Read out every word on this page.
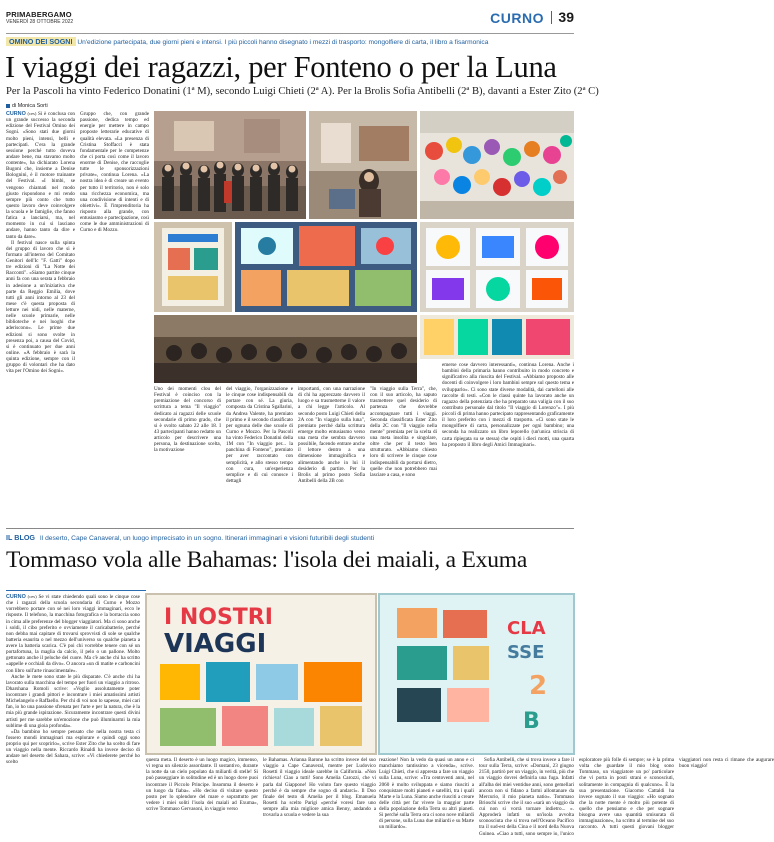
PRIMABERGAMO
VENERDÌ 28 OTTOBRE 2022	CURNO 39
OMINO DEI SOGNI Un'edizione partecipata, due giorni pieni e intensi. I più piccoli hanno disegnato i mezzi di trasporto: mongolfiere di carta, il libro a fisarmonica
I viaggi dei ragazzi, per Fonteno o per la Luna
Per la Pascoli ha vinto Federico Donatini (1ª M), secondo Luigi Chieti (2ª A). Per la Brolis Sofia Antibelli (2ª B), davanti a Ester Zito (2ª C)
di Monica Sorti

CURNO (ces) Si è conclusa con un grande successo la seconda edizione del Festival Omino dei Sogni. «Sono stati due giorni molto pieni, intensi, belli e partecipati. C'era la grande sessione perché tutto doveva andare bene, ma stavamo molto contente», ha dichiarato Lorena Bugoni che, insieme a Denise Bolognini, è il motore trainante del Festival. «I bimbi, se vengono chiamati nel modo giusto rispondono e mi rendo sempre più conto che tutto questo lavoro deve coinvolgere la scuola e le famiglie, che fanno fatica a lanciarsi, ma, nel momento in cui si lasciano andare, hanno tanto da dire e tanto da dare».

Il festival nasce sulla spinta del gruppo di lavoro che si è formato all'interno del Comitato Genitori dell'Ic "F. Gatti" dopo tre edizioni di "La Notte dei Racconti". «Siamo partite cinque anni fa con una serata a febbraio in adesione a un'iniziativa che parte da Reggio Emilia, dove tutti gli anni intorno al 23 del mese c'è questa proposta di letture nei nidi, nelle materne, nelle scuole primarie, nelle biblioteche e nei luoghi che aderiscono». Le prime due edizioni si sono svolte in presenza poi, a causa del Covid, si è continuato per due anni online. «A febbraio è sarà la quinta edizione, sempre con il gruppo di volontari che ha dato vita per l'Omino dei Sogni».

Gruppo che, con grande passione, dedica tempo ed energie per mettere in campo proposte letterarie educative di qualità elevata. «La presenza di Cristina Stoffacci è stata fondamentale per le competenze che ci porta così come il lavoro enorme di Denise, che raccoglie tutte le sponsorizzazioni private», continua Lorena. «La nostra idea è di creare un evento per tutto il territorio, non è solo una ricchezza economica, ma una condivisione di intenti e di obiettivi». È l'imprenditoria ha risposto alla grande, con entusiasmo e partecipazione, così come le due amministrazioni di Curno e di Mozzo.

Uno dei momenti clou del Festival è coinciso con la premiazione del concorso di scrittura a tema "Il viaggio" dedicato ai ragazzi delle scuole secondarie di primo grado, che si è svolto sabato 22 alle 18. I 43 partecipanti hanno redatto un articolo per descrivere una persona, la destinazione scelta, la motivazione

del viaggio, l'organizzazione e le cinque cose indispensabili da portare con sé. La giuria, composta da Cristina Sgallarini, da Andrea Valente, ha premiato il primo e il secondo classificato per ognuna delle due scuole di Curno e Mozzo. Per la Pascoli ha vinto Federico Donatini della 1M con "In viaggio per... la panchina di Fonteno", premiato per aver raccontato con semplicità, e allo stesso tempo con cura, un'esperienza semplice e di cui conosce i dettagli

importanti, con una narrazione di chi ha apprezzato davvero il luogo e sa trasmetterne il valore a chi legge l'articolo. Al secondo posto Luigi Chieti della 2A con "In viaggio sulla luna", premiato perché dalla scrittura emerge molto entusiasmo verso una meta che sembra davvero possibile, facendo entrare anche il lettore dentro a una dimensione immaginifica e alimentando anche in lui il desiderio di partire. Per la Brolis al primo posto Sofia Antibelli della 2B con

"In viaggio sulla Terra", che, con il suo articolo, ha saputo trasmettere quel desiderio di partenza che dovrebbe accompagnare tutti i viaggi. Seconda classificata Ester Zito della 2C con "Il viaggio nella mente" premiata per la scelta di una meta insolita e singolare, oltre che per il testo ben strutturato. «Abbiamo chiesto loro di scrivere le cinque cose indispensabili da portarsi dietro, quelle che non potrebbero mai lasciare a casa, e sono

emerse cose davvero interessanti», continua Lorena. Anche i bambini della primaria hanno contribuito in modo concreto e significativo alla riuscita del Festival. «Abbiamo proposto alle docenti di coinvolgere i loro bambini sempre sul questo tema e svilupparlo». Ci sono state diverse modalità, dai cartelloni alle raccolte di testi. «Con le classi quinte ha lavorato anche un ragazzo della potenziata che ha preparato una valigia con il suo contributo personale dal titolo "Il viaggio di Lorenzo"». I più piccoli di prima hanno partecipato rappresentando graficamente il loro preferito con i mezzi di trasporto. «Ci sono state le mongolfiere di carta, personalizzate per ogni bambino; una seconda ha realizzato un libro leporello (un'unica striscia di carta ripiegata su se stessa) che ospiti i dieci motti, una quarta ha proposto il libro degli Amici Immaginari».

IL BLOG Il deserto, Cape Canaveral, un luogo imprecisato in un sogno. Itinerari immaginari e visioni futuribili degli studenti
Tommaso vola alle Bahamas: l'isola dei maiali, a Exuma

CURNO (ces) Se vi state chiedendo quali sono le cinque cose che i ragazzi della scuola secondaria di Curno e Mozzo vorrebbero portare con sé nei loro viaggi immaginari, ecco le risposte. Il telefono, la macchina fotografica e la borraccia sono in cima alle preferenze del blogger viaggiatori. Ma ci sono anche i soldi, il cibo preferito e ovviamente il caricabatterie, perché non debba mai capitare di trovarsi sprovvisti di sole se qualche batteria esaurita o nel mezzo dell'universo su qualche pianeta a avere la batteria scarica. C'è poi chi vorrebbe tenere con sé un portafortuna, la maglia da calcio, il pelo o un pallone. Molto gettonato anche il peluche del cuore. Ma c'è anche chi ha scritto «appelle e occhiali da divo». O ancora «un di matite e carboncini con libro sull'arte rinascimentale».

Anche le mete sono state le più disparate. C'è anche chi ha lavorato sulla macchina del tempo per fuori un viaggio a ritroso. Dharshana Romoli scrive: «Voglio assolutamente poter incontrare i grandi pittori e incontrare i miei amatissimi artisti Michelangelo e Raffaello. Per chi di voi non lo sapesse, miei cari fan, io ho una passione sfrenata per l'arte e per la natura, che è la mia più grande ispirazione. Sicuramente incontrare questi divini artisti per me sarebbe un'emozione che può illuminarmi la mia sublime di una gioia profonda».

«Da bambino ho sempre pensato che nella nostra testa ci fossero mondi immaginari ma esplorare e quindi oggi sono proprio qui per scoprirlo», scrive Ester Zito che ha scelto di fare un viaggio nella mente. Riccardo Rinaldi ha invece deciso di andare nel deserto del Sahara, scrive: «Vi chiederete perché ho scelto

I NOSTRI
VIAGGI
CLA
SSE
2
B

questa meta. Il deserto è un luogo magico, immenso, vi regna un silenzio assordante. Il sostantivo, durante la notte da un cielo popolato da miliardi di stelle! Si può passeggiare in solitudine ed è un luogo dove puoi incontrare il Piccolo Principe. Insomma il deserto è un luogo da fiaba». «Ho deciso di visitare questo posto per lo splendore del mare e soprattutto per vedere i miei soliti l'isola dei maiali ad Exuma», scrive Tommaso Gervasoni, in viaggio verso

le Bahamas. Arianna Barone ha scritto invece del suo viaggio a Cape Canaveral, mentre per Ludovico Rosetti il viaggio ideale sarebbe in California. «Non richieva! Ciao a tutti! Sono Amelia Carozzi, che vi parla dal Giappone! Ho voluto fare questo viaggio perché è da sempre che sogno di andarci». Il Duo finale del testo di Amelia per il blog. Emanuela Rosetti ha scelto Parigi «perché voresi fare uno sempre alla mia migliore amica Benny, andando a trovarla a scuola e vedere la sua

reazione! Non la vedo da quasi un anno e ci manchiamo tantissimo a vicenda», scrive. Luigi Chieti, che si appresta a fare un viaggio sulla Luna, scrive: «Tra centoventi anni, nel 2060 è molto sviluppata e siamo riusciti a conquistare molti pianeti e satelliti, tra i quali Marte e la Luna. Siamo anche riusciti a creare delle città per far vivere la maggior parte della popolazione della Terra su altri pianeti. Si perché sulla Terra ora ci sono nove miliardi di persone, sulla Luna due miliardi e su Marte un miliardo».

Sofia Antibelli, che si trova invece a fare il tour sulla Terra, scrive: «Domani, 23 giugno 2150, partirò per un viaggio, in verità, più che un viaggio dovrei definirla una fuga. Infatti all'alba dei miei ventidue anni, sono gemellari ancora non si fidano a farmi allontanare da Mercurio, il mio pianeta natio». Tommaso Brioschi scrive che il suo «sarà un viaggio da cui non si vorrà tornare indietro... ». Approderà infatti su un'isola avvolta sconosciuta che si trova nell'Oceano Pacifico tra il sud-est della Cina e il nord della Nuova Guinea. «Ciao a tutti, sono sempre io, l'unico esploratore più folle di sempre; se è la prima volta che guardate il mio blog sono Tommaso, un viaggiatore un po' particolare che vi porta in posti strani e sconosciuti, solitamente in compagnia di qualcuno». È la sua presentazione. Giacomo Cattaldi ha invece sognato il suo viaggio: «Ho sognato che la notte mente è molto più potente di quello che pensiamo e che per sognare bisogna avere una quantità smisurata di immaginazione», ha scritto al termine del suo racconto. A tutti questi giovani blogger viaggiatori non resta ci rimane che augurare buon viaggio!
